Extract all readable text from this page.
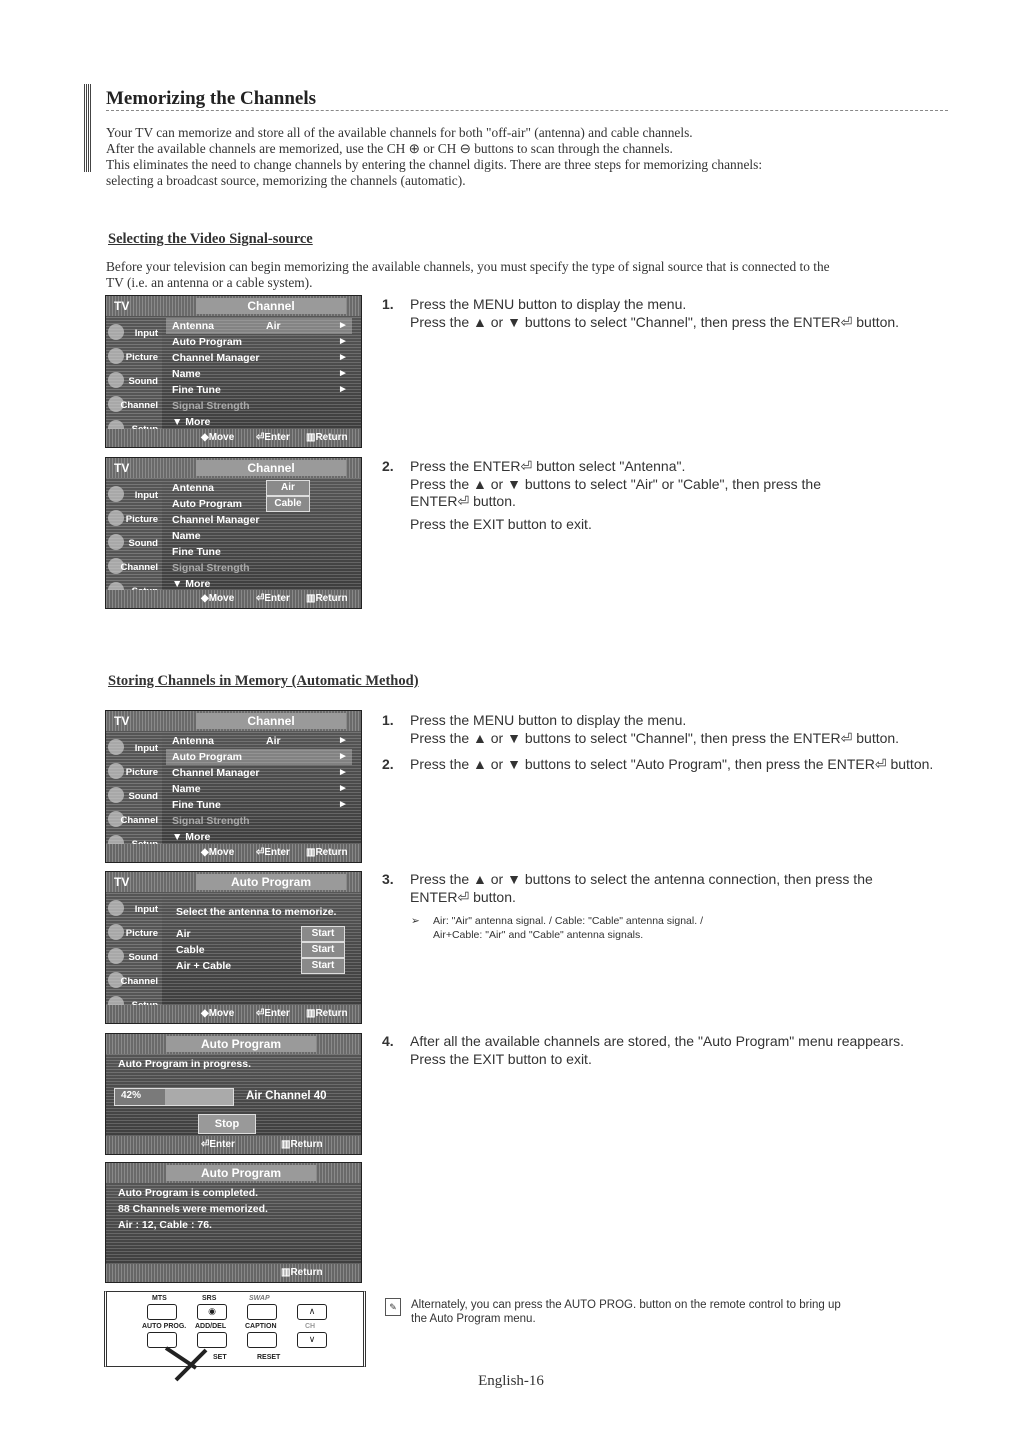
Memorizing the Channels

Your TV can memorize and store all of the available channels for both "off-air" (antenna) and cable channels.

After the available channels are memorized, use the CH ⊕ or CH ⊖ buttons to scan through the channels.

This eliminates the need to change channels by entering the channel digits. There are three steps for memorizing channels:

selecting a broadcast source, memorizing the channels (automatic).

Selecting the Video Signal-source
Before your television can begin memorizing the available channels, you must specify the type of signal source that is connected to the
TV (i.e. an antenna or a cable system).
TV	Channel
Input
Picture
Sound
Channel
Antenna	Air	►
Auto Program	►
Channel Manager	►
Name	►
Fine Tune	►
Signal Strength
▼ More
◆Move ⏎Enter ▥Return
1. Press the MENU button to display the menu.

Press the ▲ or ▼ buttons to select "Channel", then press the ENTER⏎ button.

TV	Channel
Input
Picture
Sound
Channel
Antenna	Air
Auto Program	Cable
Channel Manager
Name
Fine Tune
Signal Strength
▼ More
◆Move ⏎Enter ▥Return
2. Press the ENTER⏎ button select "Antenna".

Press the ▲ or ▼ buttons to select "Air" or "Cable", then press the

ENTER⏎ button.

Press the EXIT button to exit.

Storing Channels in Memory (Automatic Method)
TV	Channel
Input
Picture
Sound
Channel
Antenna	Air	►
Auto Program	►
Channel Manager	►
Name	►
Fine Tune	►
Signal Strength
▼ More
◆Move ⏎Enter ▥Return
1. Press the MENU button to display the menu.

Press the ▲ or ▼ buttons to select "Channel", then press the ENTER⏎ button.

2. Press the ▲ or ▼ buttons to select "Auto Program", then press the ENTER⏎ button.

TV	Auto Program
Input
Picture
Sound
Channel
Select the antenna to memorize.
Air	Start
Cable	Start
Air + Cable	Start
◆Move ⏎Enter ▥Return
3. Press the ▲ or ▼ buttons to select the antenna connection, then press the

ENTER⏎ button.

➢ Air: "Air" antenna signal. / Cable: "Cable" antenna signal. /
Air+Cable: "Air" and "Cable" antenna signals.
Auto Program
Auto Program in progress.
42%	Air Channel 40
Stop
⏎Enter	▥Return
4. After all the available channels are stored, the "Auto Program" menu reappears.

Press the EXIT button to exit.

Auto Program
Auto Program is completed.
88 Channels were memorized.
Air : 12, Cable : 76.
▥Return
MTS	SRS	SWAP
◉	∧
AUTO PROG. ADD/DEL	CAPTION	CH
∨
SET	RESET
✎	Alternately, you can press the AUTO PROG. button on the remote control to bring up
the Auto Program menu.
English-16
